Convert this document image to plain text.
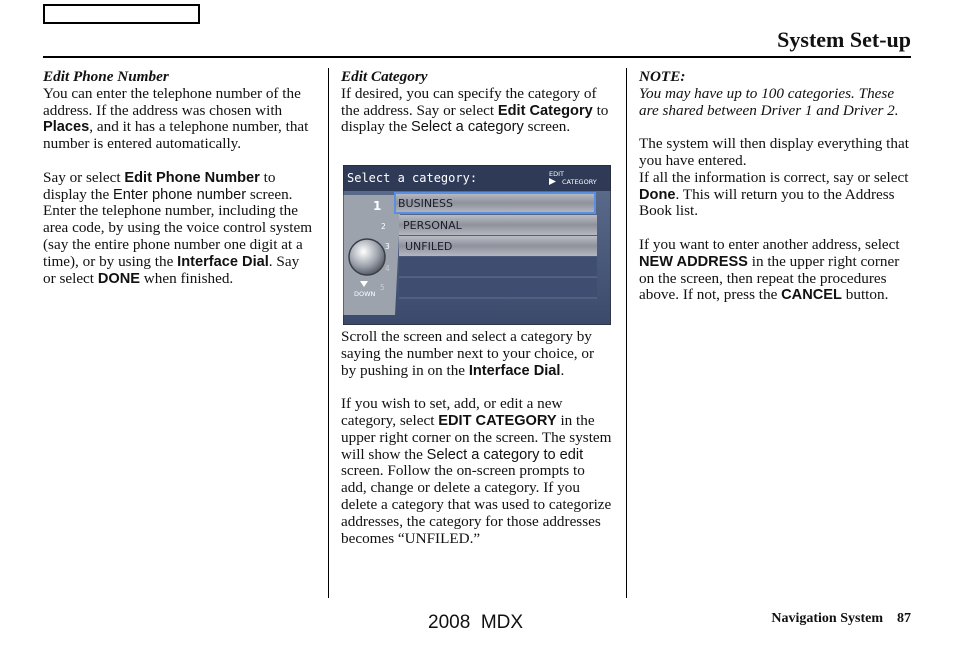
System Set-up

Edit Phone Number

You can enter the telephone number of the address. If the address was chosen with Places, and it has a telephone number, that number is entered automatically.

Say or select Edit Phone Number to display the Enter phone number screen. Enter the telephone number, including the area code, by using the voice control system (say the entire phone number one digit at a time), or by using the Interface Dial. Say or select DONE when finished.

Edit Category

If desired, you can specify the category of the address. Say or select Edit Category to display the Select a category screen.

Scroll the screen and select a category by saying the number next to your choice, or by pushing in on the Interface Dial.

If you wish to set, add, or edit a new category, select EDIT CATEGORY in the upper right corner on the screen. The system will show the Select a category to edit screen. Follow the on-screen prompts to add, change or delete a category. If you delete a category that was used to categorize addresses, the category for those addresses becomes “UNFILED.”

NOTE:

You may have up to 100 categories. These are shared between Driver 1 and Driver 2.

The system will then display everything that you have entered.
If all the information is correct, say or select Done. This will return you to the Address Book list.

If you want to enter another address, select NEW ADDRESS in the upper right corner on the screen, then repeat the procedures above. If not, press the CANCEL button.

Select a category:	EDIT
CATEGORY
DOWN
1 BUSINESS
2 PERSONAL
3 UNFILED
4
5
2008  MDX	Navigation System 87
